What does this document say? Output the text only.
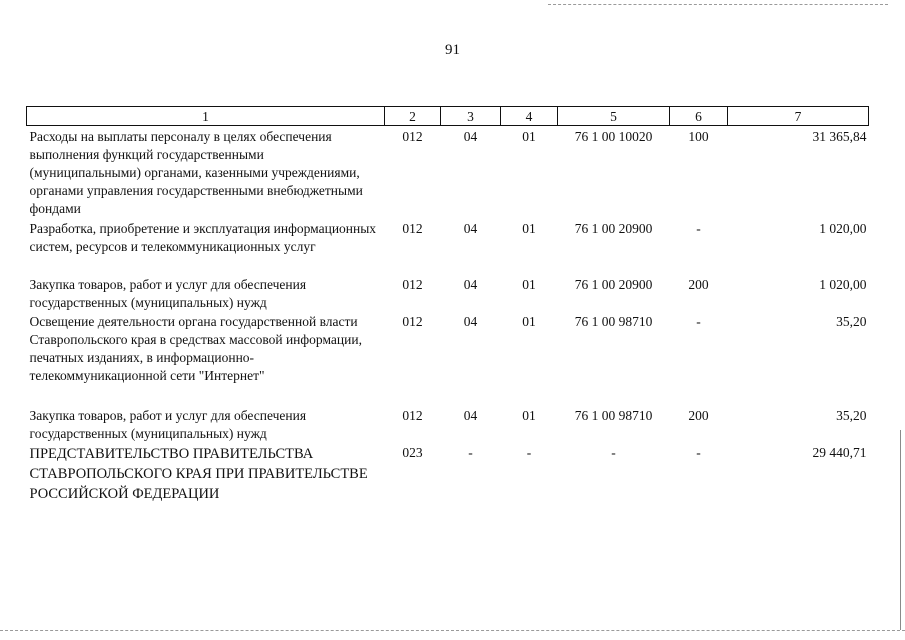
91
1	2	3	4	5	6	7
Расходы на выплаты персоналу в целях обеспечения выполнения функций государственными (муниципальными) органами, казенными учреждениями, органами управления государственными внебюджетными фондами	012	04	01	76 1 00 10020	100	31 365,84
Разработка, приобретение и эксплуатация информационных систем, ресурсов и телекоммуникационных услуг	012	04	01	76 1 00 20900	-	1 020,00
Закупка товаров, работ и услуг для обеспечения государственных (муниципальных) нужд	012	04	01	76 1 00 20900	200	1 020,00
Освещение деятельности органа государственной власти Ставропольского края в средствах массовой информации, печатных изданиях, в информационно-телекоммуникационной сети "Интернет"	012	04	01	76 1 00 98710	-	35,20
Закупка товаров, работ и услуг для обеспечения государственных (муниципальных) нужд	012	04	01	76 1 00 98710	200	35,20
ПРЕДСТАВИТЕЛЬСТВО ПРАВИТЕЛЬСТВА СТАВРОПОЛЬСКОГО КРАЯ ПРИ ПРАВИТЕЛЬСТВЕ РОССИЙСКОЙ ФЕДЕРАЦИИ	023	-	-	-	-	29 440,71
